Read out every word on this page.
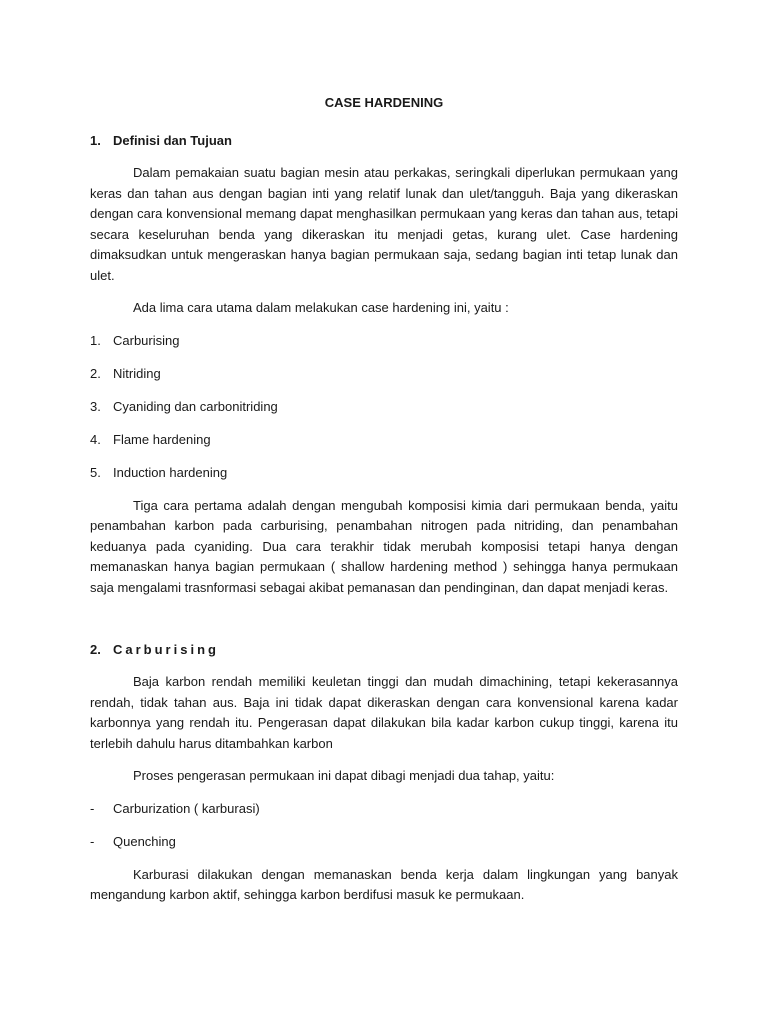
CASE HARDENING
1. Definisi dan Tujuan

Dalam pemakaian suatu bagian mesin atau perkakas, seringkali diperlukan permukaan yang keras dan tahan aus dengan bagian inti yang relatif lunak dan ulet/tangguh. Baja yang dikeraskan dengan cara konvensional memang dapat menghasilkan permukaan yang keras dan tahan aus, tetapi secara keseluruhan benda yang dikeraskan itu menjadi getas, kurang ulet. Case hardening dimaksudkan untuk mengeraskan hanya bagian permukaan saja, sedang bagian inti tetap lunak dan ulet.

Ada lima cara utama dalam melakukan case hardening ini, yaitu :

1. Carburising
2. Nitriding
3. Cyaniding dan carbonitriding
4. Flame hardening
5. Induction hardening

Tiga cara pertama adalah dengan mengubah komposisi kimia dari permukaan benda, yaitu penambahan karbon pada carburising, penambahan nitrogen pada nitriding, dan penambahan keduanya pada cyaniding. Dua cara terakhir tidak merubah komposisi tetapi hanya dengan memanaskan hanya bagian permukaan ( shallow hardening method ) sehingga hanya permukaan saja mengalami trasnformasi sebagai akibat pemanasan dan pendinginan, dan dapat menjadi keras.

2. Carburising

Baja karbon rendah memiliki keuletan tinggi dan mudah dimachining, tetapi kekerasannya rendah, tidak tahan aus. Baja ini tidak dapat dikeraskan dengan cara konvensional karena kadar karbonnya yang rendah itu. Pengerasan dapat dilakukan bila kadar karbon cukup tinggi, karena itu terlebih dahulu harus ditambahkan karbon

Proses pengerasan permukaan ini dapat dibagi menjadi dua tahap, yaitu:

-	Carburization ( karburasi)
-	Quenching

Karburasi dilakukan dengan memanaskan benda kerja dalam lingkungan yang banyak mengandung karbon aktif, sehingga karbon berdifusi masuk ke permukaan.
